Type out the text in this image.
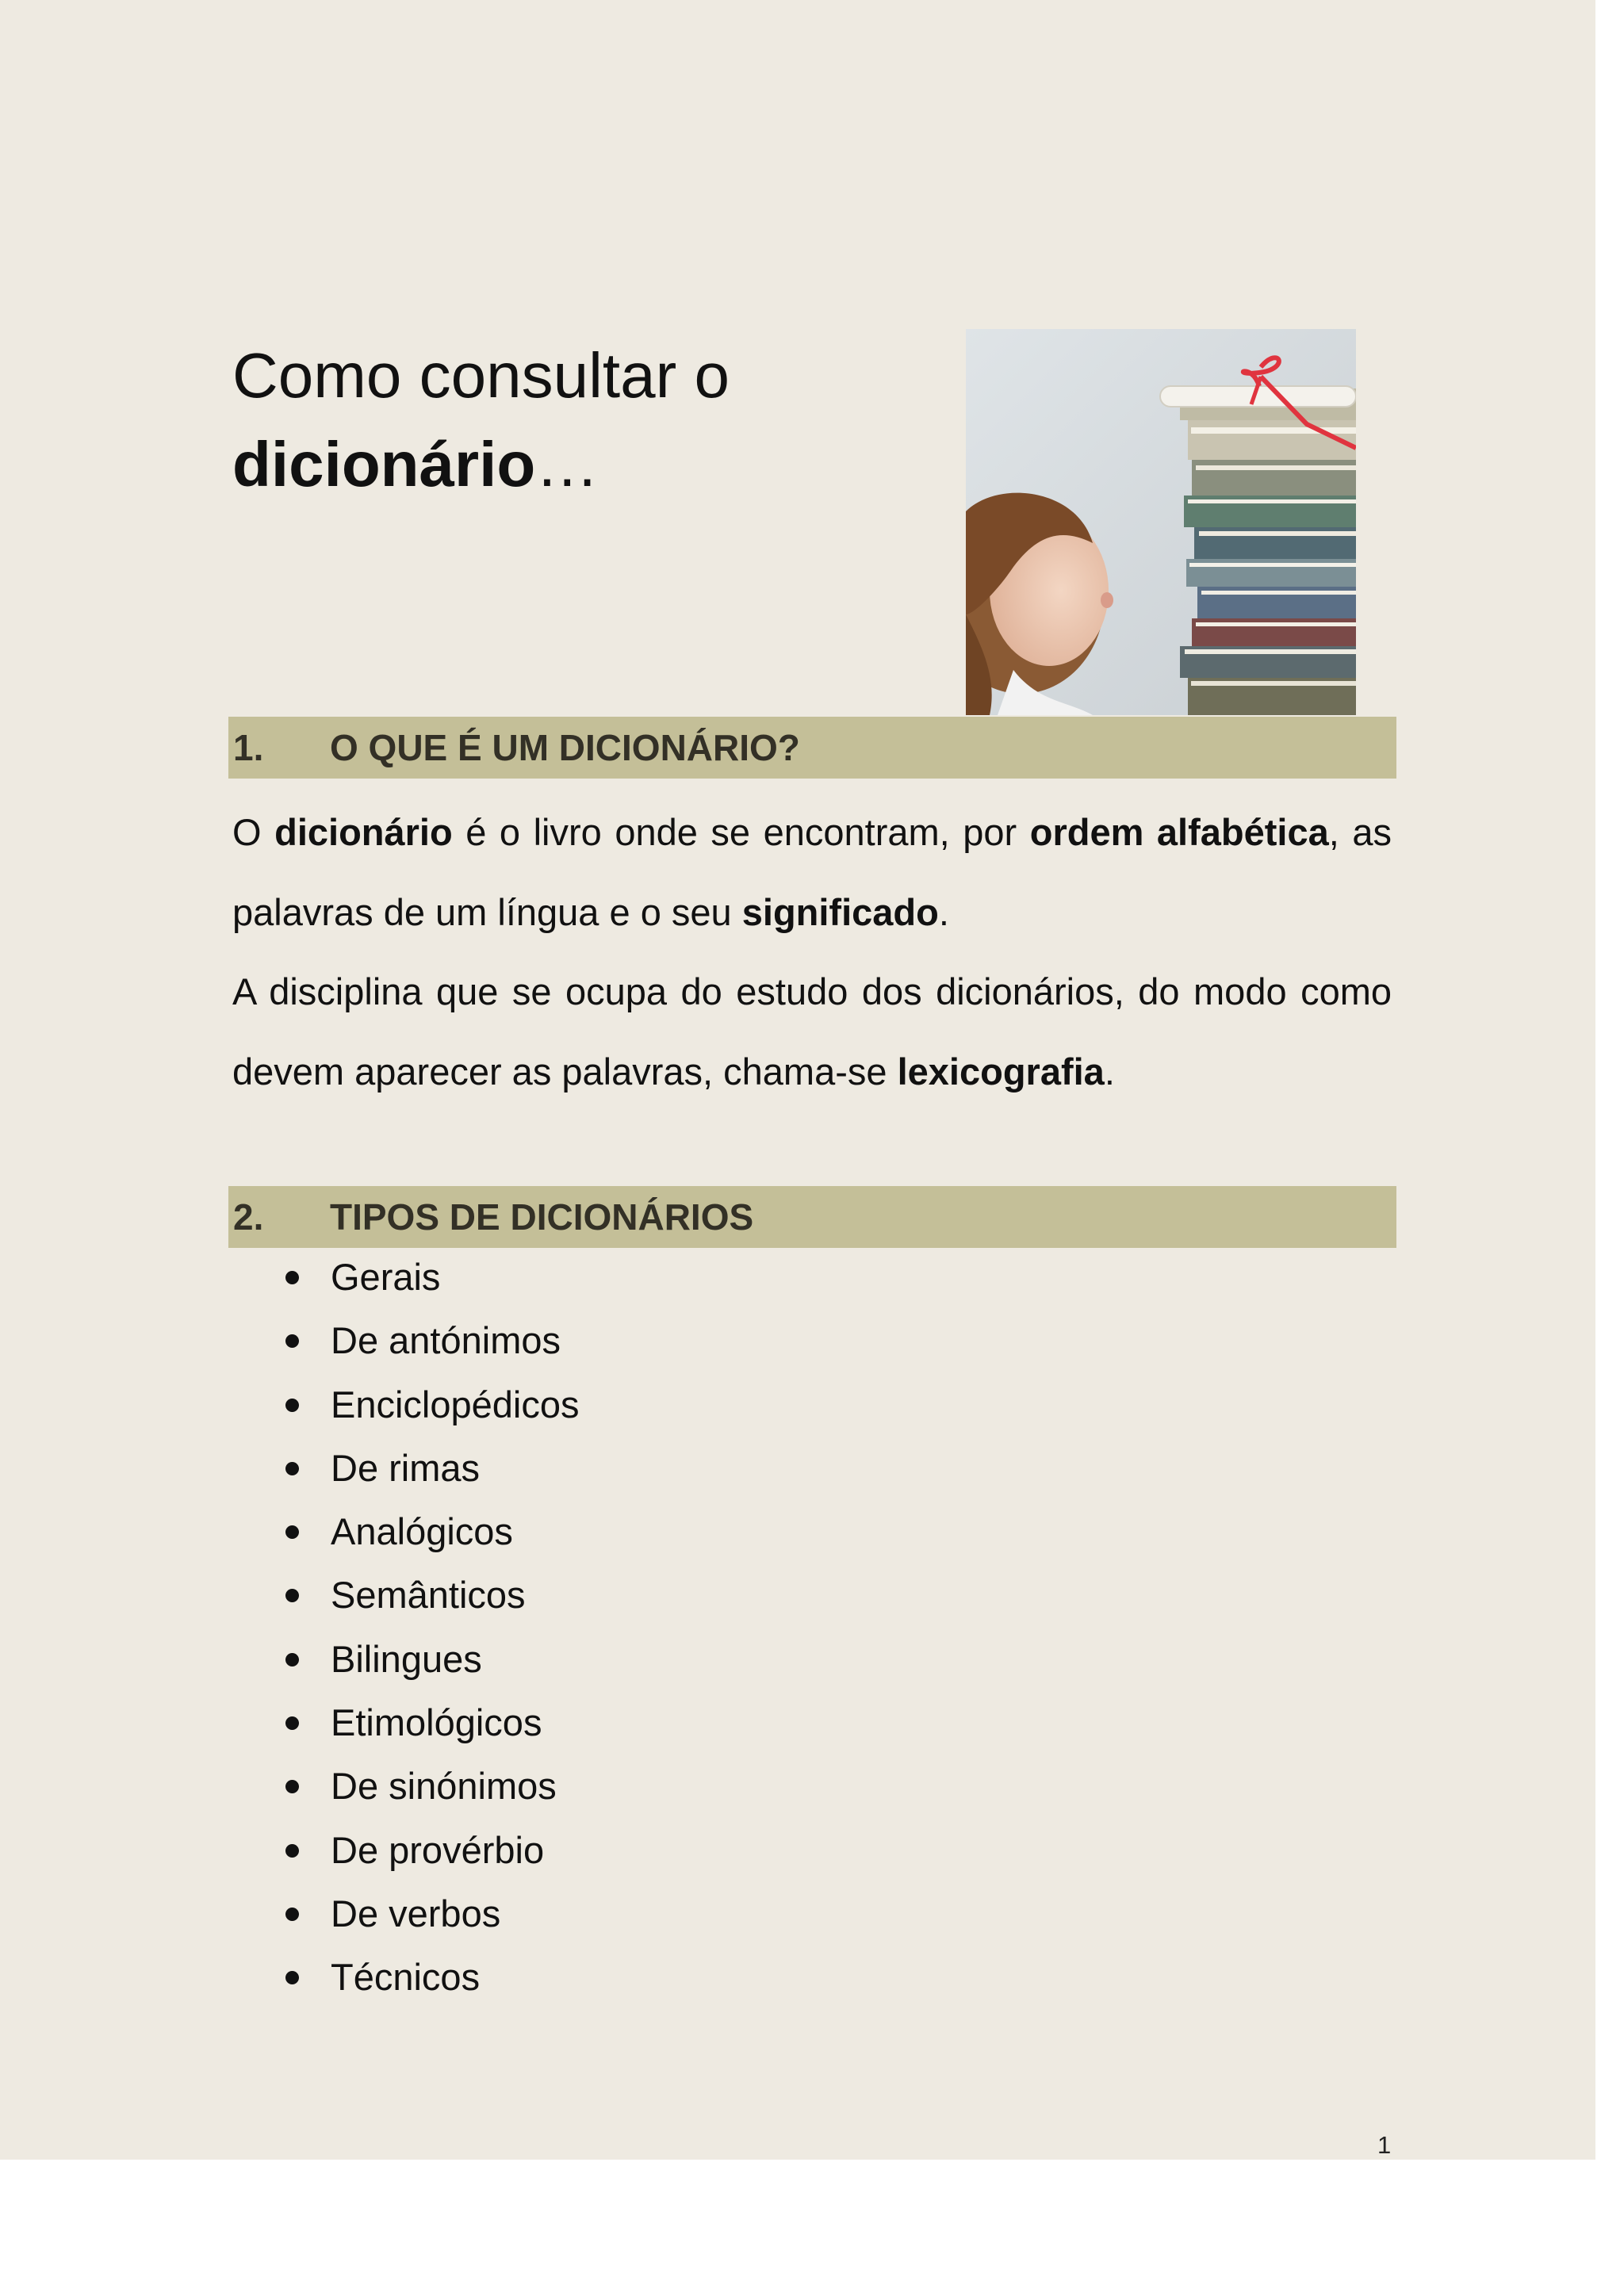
Como consultar o
dicionário…
1. O QUE É UM DICIONÁRIO?

O dicionário é o livro onde se encontram, por ordem alfabética, as palavras de um língua e o seu significado.

A disciplina que se ocupa do estudo dos dicionários, do modo como devem aparecer as palavras, chama-se lexicografia.

2. TIPOS DE DICIONÁRIOS
Gerais
De antónimos
Enciclopédicos
De rimas
Analógicos
Semânticos
Bilingues
Etimológicos
De sinónimos
De provérbio
De verbos
Técnicos
1
